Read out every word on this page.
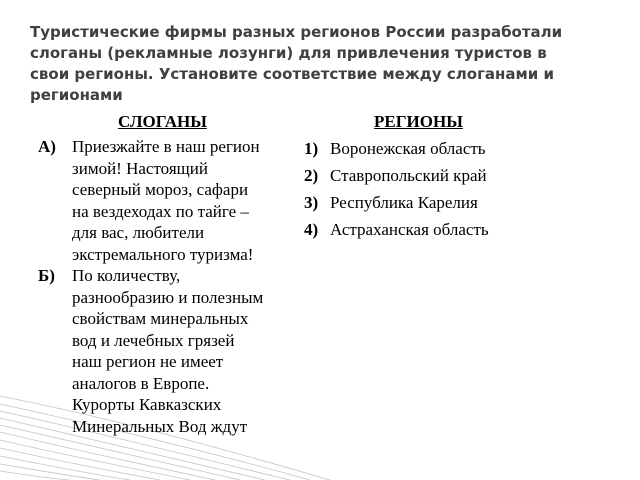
Туристические фирмы разных регионов России разработали слоганы (рекламные лозунги) для привлечения туристов в свои регионы. Установите соответствие между слоганами и регионами

СЛОГАНЫ	РЕГИОНЫ
А) Приезжайте в наш регион
зимой! Настоящий
северный мороз, сафари
на вездеходах по тайге –
для вас, любители
экстремального туризма!
Б)	По количеству,
разнообразию и полезным
свойствам минеральных
вод и лечебных грязей
наш регион не имеет
аналогов в Европе.
Курорты Кавказских
Минеральных Вод ждут
1) Воронежская область
2) Ставропольский край
3) Республика Карелия
4) Астраханская область
